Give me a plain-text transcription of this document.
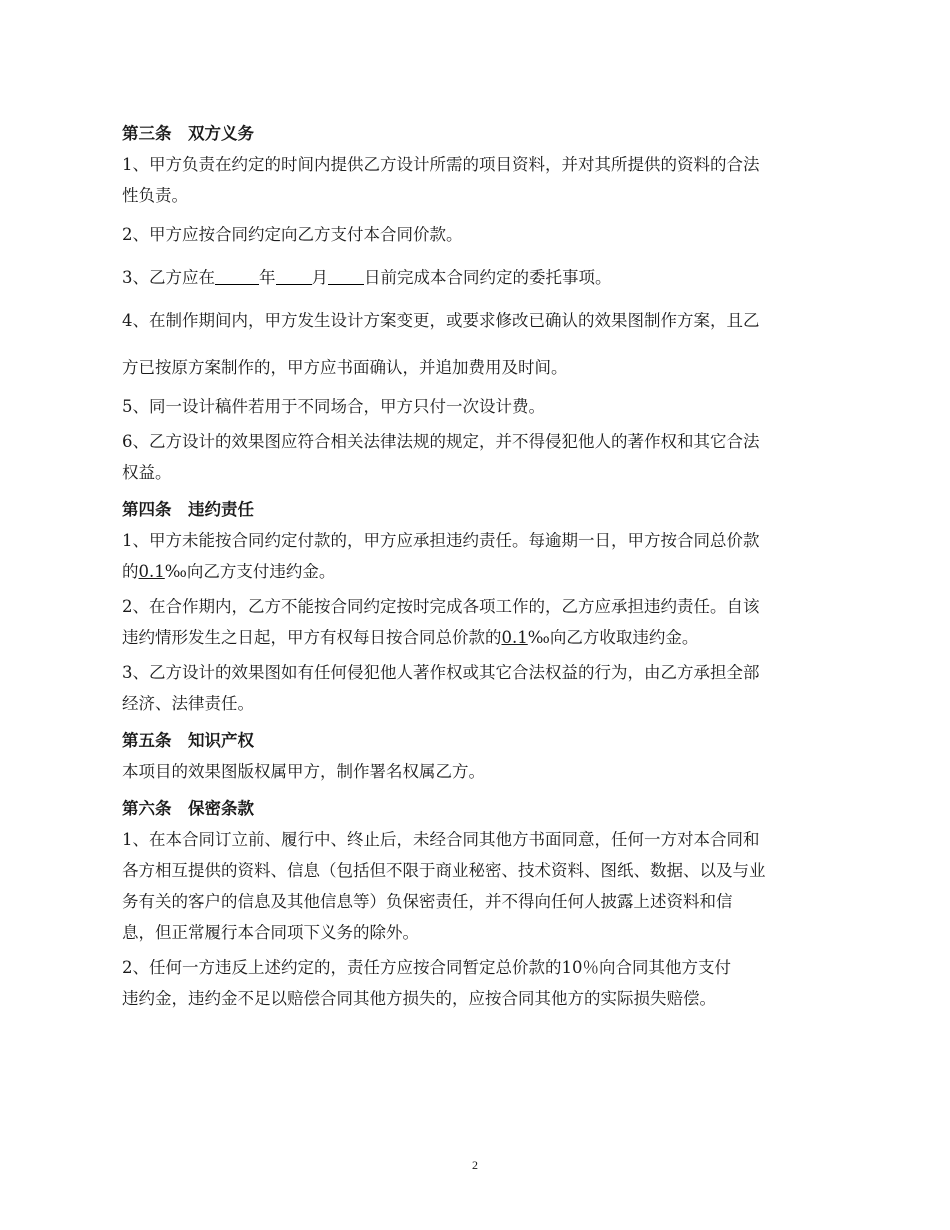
第三条　双方义务
1、甲方负责在约定的时间内提供乙方设计所需的项目资料，并对其所提供的资料的合法
性负责。
2、甲方应按合同约定向乙方支付本合同价款。
3、乙方应在	年 月 日前完成本合同约定的委托事项。
4、在制作期间内，甲方发生设计方案变更，或要求修改已确认的效果图制作方案，且乙
方已按原方案制作的，甲方应书面确认，并追加费用及时间。
5、同一设计稿件若用于不同场合，甲方只付一次设计费。
6、乙方设计的效果图应符合相关法律法规的规定，并不得侵犯他人的著作权和其它合法
权益。
第四条　违约责任
1、甲方未能按合同约定付款的，甲方应承担违约责任。每逾期一日，甲方按合同总价款
的0.1‰向乙方支付违约金。
2、在合作期内，乙方不能按合同约定按时完成各项工作的，乙方应承担违约责任。自该
违约情形发生之日起，甲方有权每日按合同总价款的0.1‰向乙方收取违约金。
3、乙方设计的效果图如有任何侵犯他人著作权或其它合法权益的行为，由乙方承担全部
经济、法律责任。
第五条　知识产权
本项目的效果图版权属甲方，制作署名权属乙方。
第六条　保密条款
1、在本合同订立前、履行中、终止后，未经合同其他方书面同意，任何一方对本合同和
各方相互提供的资料、信息（包括但不限于商业秘密、技术资料、图纸、数据、以及与业
务有关的客户的信息及其他信息等）负保密责任，并不得向任何人披露上述资料和信
息，但正常履行本合同项下义务的除外。
2、任何一方违反上述约定的，责任方应按合同暂定总价款的10％向合同其他方支付
违约金，违约金不足以赔偿合同其他方损失的，应按合同其他方的实际损失赔偿。
2
